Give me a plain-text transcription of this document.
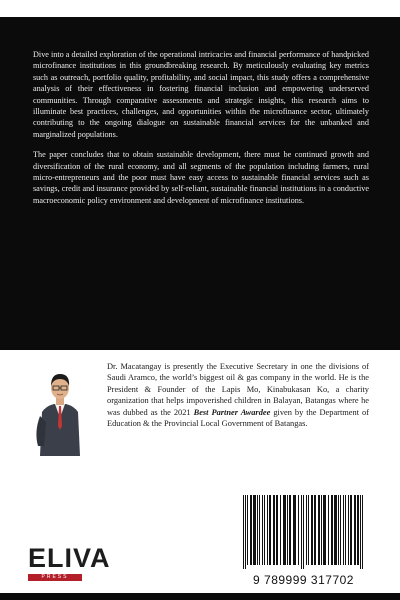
Dive into a detailed exploration of the operational intricacies and financial performance of handpicked microfinance institutions in this groundbreaking research. By meticulously evaluating key metrics such as outreach, portfolio quality, profitability, and social impact, this study offers a comprehensive analysis of their effectiveness in fostering financial inclusion and empowering underserved communities. Through comparative assessments and strategic insights, this research aims to illuminate best practices, challenges, and opportunities within the microfinance sector, ultimately contributing to the ongoing dialogue on sustainable financial services for the unbanked and marginalized populations.

The paper concludes that to obtain sustainable development, there must be continued growth and diversification of the rural economy, and all segments of the population including farmers, rural micro-entrepreneurs and the poor must have easy access to sustainable financial services such as savings, credit and insurance provided by self-reliant, sustainable financial institutions in a conductive macroeconomic policy environment and development of microfinance institutions.

Dr. Macatangay is presently the Executive Secretary in one the divisions of Saudi Aramco, the world’s biggest oil & gas company in the world. He is the President & Founder of the Lapis Mo, Kinabukasan Ko, a charity organization that helps impoverished children in Balayan, Batangas where he was dubbed as the 2021 Best Partner Awardee given by the Department of Education & the Provincial Local Government of Batangas.

ELIVA
PRESS	9 789999 317702
